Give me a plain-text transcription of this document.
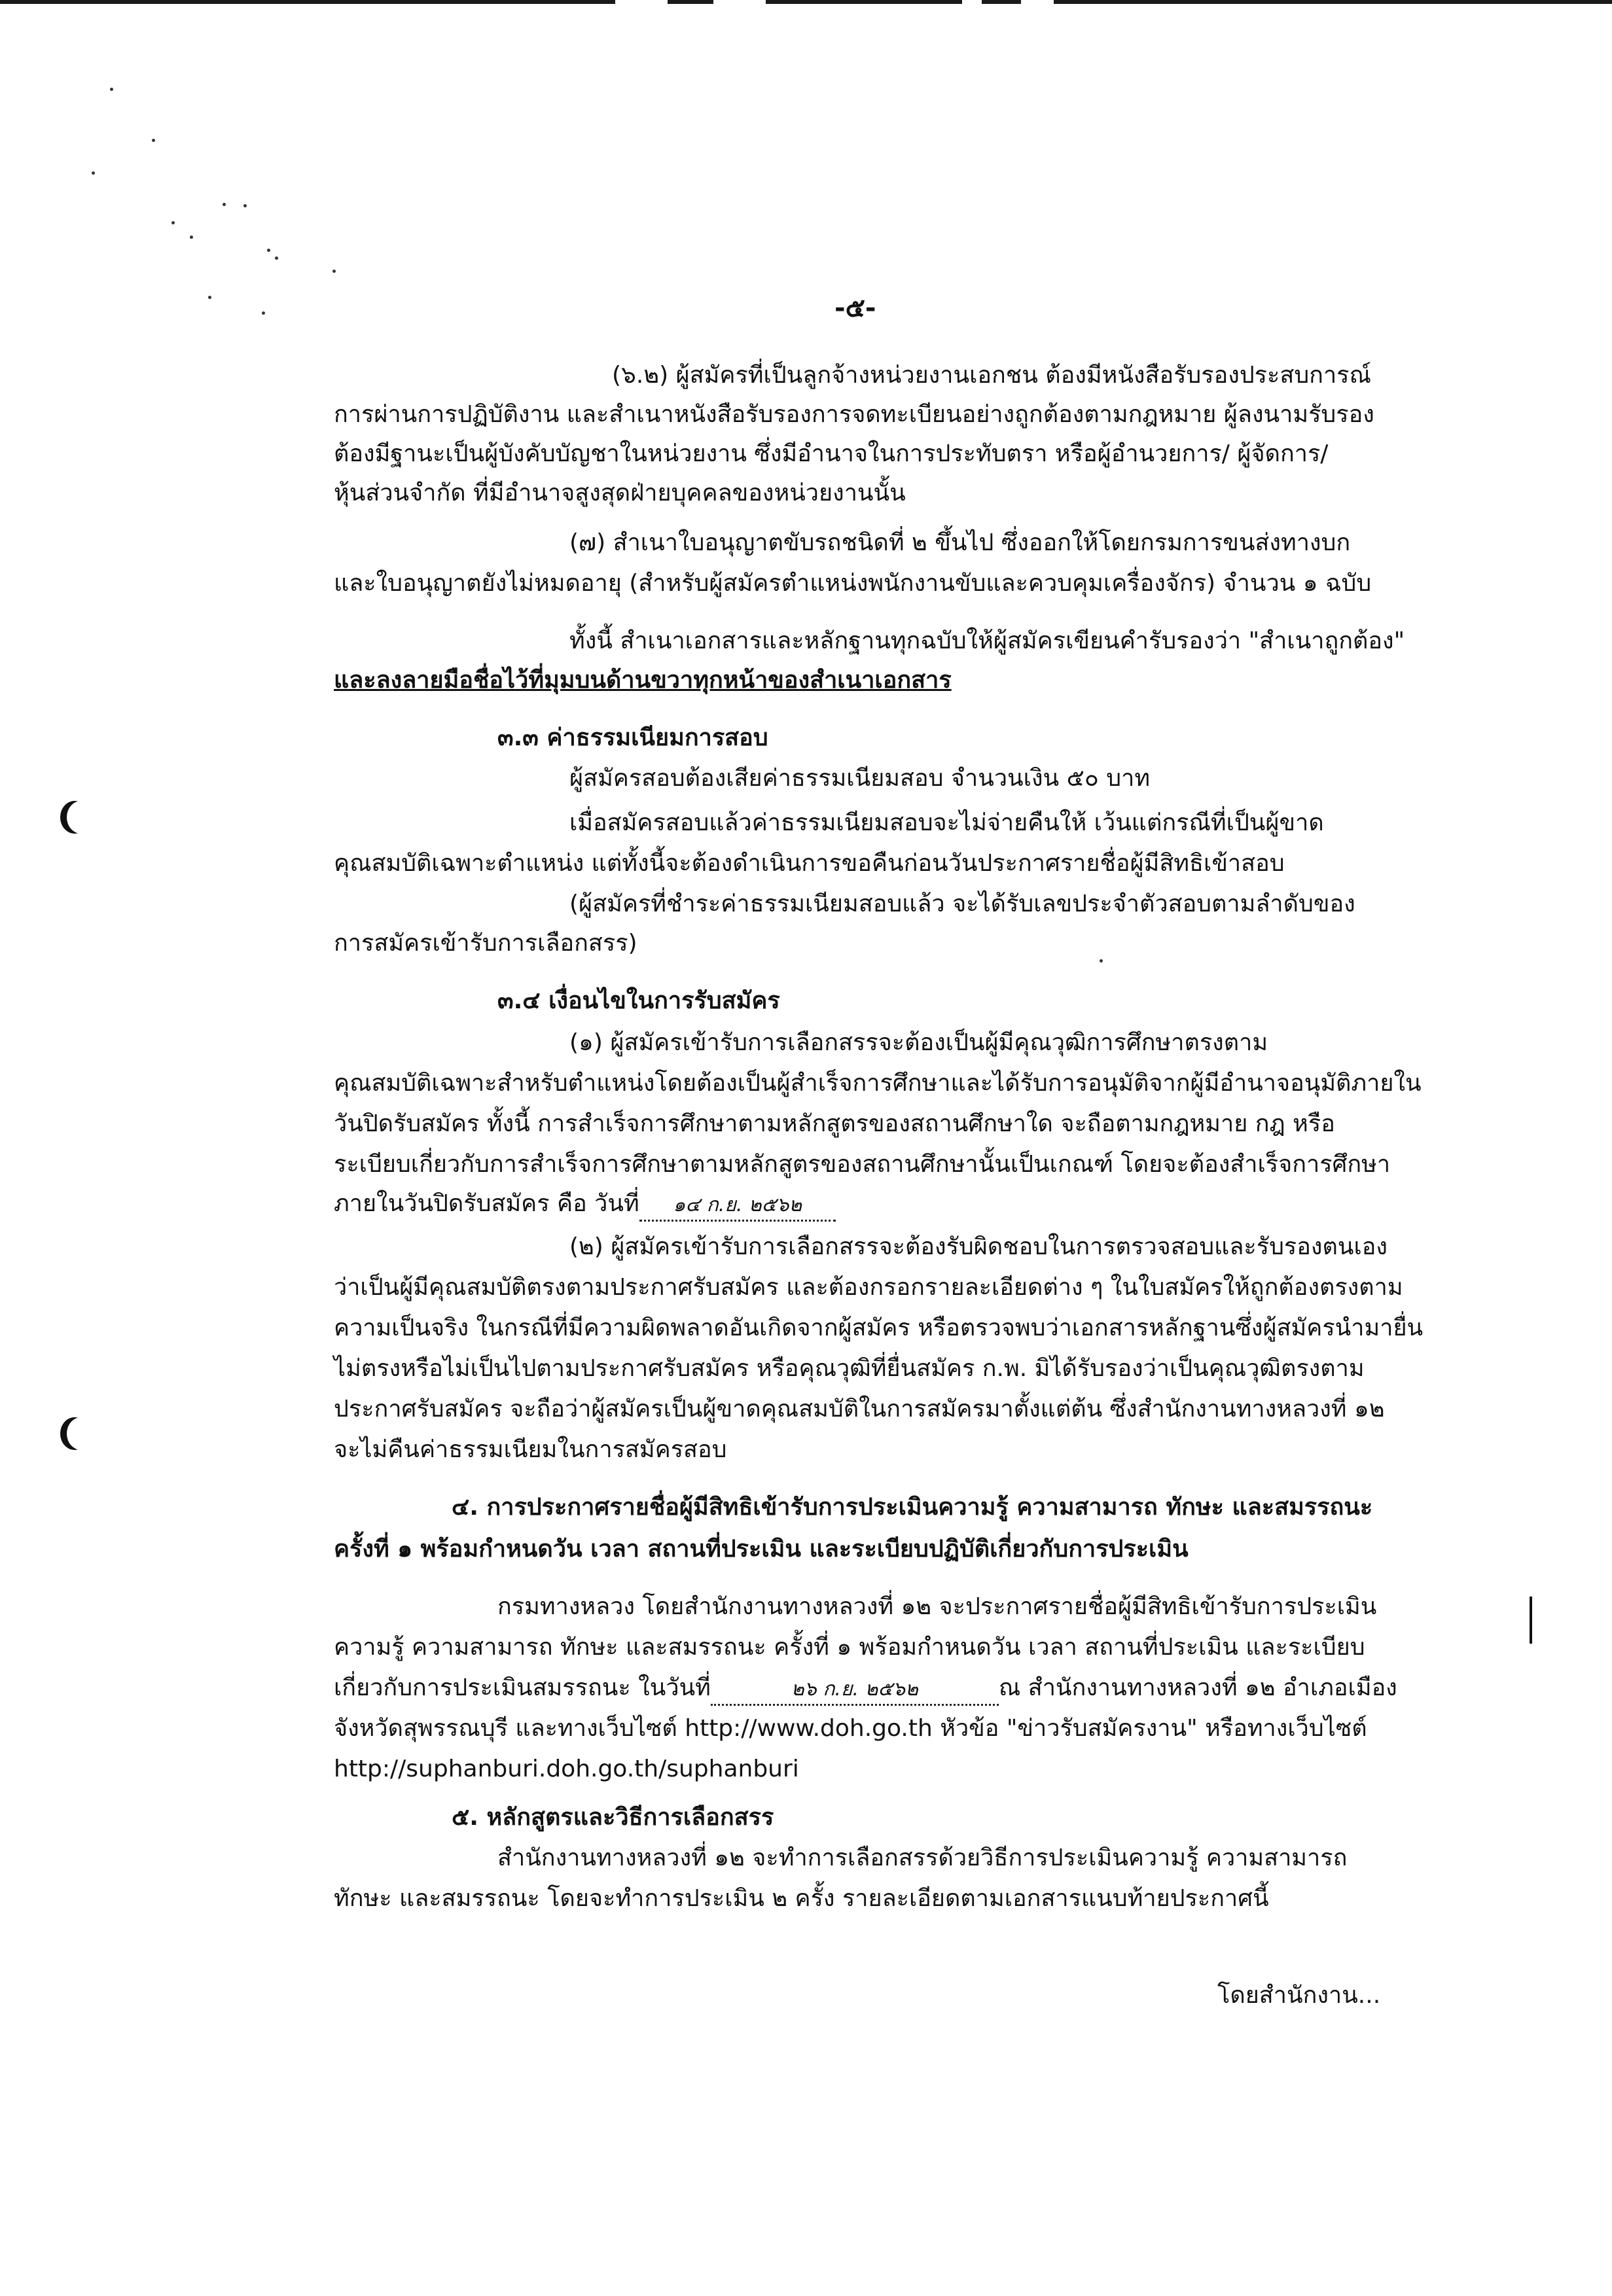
-๕-
(๖.๒) ผู้สมัครที่เป็นลูกจ้างหน่วยงานเอกชน ต้องมีหนังสือรับรองประสบการณ์
การผ่านการปฏิบัติงาน และสำเนาหนังสือรับรองการจดทะเบียนอย่างถูกต้องตามกฎหมาย ผู้ลงนามรับรอง
ต้องมีฐานะเป็นผู้บังคับบัญชาในหน่วยงาน ซึ่งมีอำนาจในการประทับตรา หรือผู้อำนวยการ/ ผู้จัดการ/
หุ้นส่วนจำกัด ที่มีอำนาจสูงสุดฝ่ายบุคคลของหน่วยงานนั้น
(๗) สำเนาใบอนุญาตขับรถชนิดที่ ๒ ขึ้นไป ซึ่งออกให้โดยกรมการขนส่งทางบก
และใบอนุญาตยังไม่หมดอายุ (สำหรับผู้สมัครตำแหน่งพนักงานขับและควบคุมเครื่องจักร) จำนวน ๑ ฉบับ
ทั้งนี้ สำเนาเอกสารและหลักฐานทุกฉบับให้ผู้สมัครเขียนคำรับรองว่า "สำเนาถูกต้อง"
และลงลายมือชื่อไว้ที่มุมบนด้านขวาทุกหน้าของสำเนาเอกสาร
๓.๓ ค่าธรรมเนียมการสอบ
ผู้สมัครสอบต้องเสียค่าธรรมเนียมสอบ จำนวนเงิน ๕๐ บาท
เมื่อสมัครสอบแล้วค่าธรรมเนียมสอบจะไม่จ่ายคืนให้ เว้นแต่กรณีที่เป็นผู้ขาด
คุณสมบัติเฉพาะตำแหน่ง แต่ทั้งนี้จะต้องดำเนินการขอคืนก่อนวันประกาศรายชื่อผู้มีสิทธิเข้าสอบ
(ผู้สมัครที่ชำระค่าธรรมเนียมสอบแล้ว จะได้รับเลขประจำตัวสอบตามลำดับของ
การสมัครเข้ารับการเลือกสรร)
๓.๔ เงื่อนไขในการรับสมัคร
(๑) ผู้สมัครเข้ารับการเลือกสรรจะต้องเป็นผู้มีคุณวุฒิการศึกษาตรงตาม
คุณสมบัติเฉพาะสำหรับตำแหน่งโดยต้องเป็นผู้สำเร็จการศึกษาและได้รับการอนุมัติจากผู้มีอำนาจอนุมัติภายใน
วันปิดรับสมัคร ทั้งนี้ การสำเร็จการศึกษาตามหลักสูตรของสถานศึกษาใด จะถือตามกฎหมาย กฎ หรือ
ระเบียบเกี่ยวกับการสำเร็จการศึกษาตามหลักสูตรของสถานศึกษานั้นเป็นเกณฑ์ โดยจะต้องสำเร็จการศึกษา
(๒) ผู้สมัครเข้ารับการเลือกสรรจะต้องรับผิดชอบในการตรวจสอบและรับรองตนเอง
ว่าเป็นผู้มีคุณสมบัติตรงตามประกาศรับสมัคร และต้องกรอกรายละเอียดต่าง ๆ ในใบสมัครให้ถูกต้องตรงตาม
ความเป็นจริง ในกรณีที่มีความผิดพลาดอันเกิดจากผู้สมัคร หรือตรวจพบว่าเอกสารหลักฐานซึ่งผู้สมัครนำมายื่น
ไม่ตรงหรือไม่เป็นไปตามประกาศรับสมัคร หรือคุณวุฒิที่ยื่นสมัคร ก.พ. มิได้รับรองว่าเป็นคุณวุฒิตรงตาม
ประกาศรับสมัคร จะถือว่าผู้สมัครเป็นผู้ขาดคุณสมบัติในการสมัครมาตั้งแต่ต้น ซึ่งสำนักงานทางหลวงที่ ๑๒
จะไม่คืนค่าธรรมเนียมในการสมัครสอบ
๔. การประกาศรายชื่อผู้มีสิทธิเข้ารับการประเมินความรู้ ความสามารถ ทักษะ และสมรรถนะ
ครั้งที่ ๑ พร้อมกำหนดวัน เวลา สถานที่ประเมิน และระเบียบปฏิบัติเกี่ยวกับการประเมิน
กรมทางหลวง โดยสำนักงานทางหลวงที่ ๑๒ จะประกาศรายชื่อผู้มีสิทธิเข้ารับการประเมิน
ความรู้ ความสามารถ ทักษะ และสมรรถนะ ครั้งที่ ๑ พร้อมกำหนดวัน เวลา สถานที่ประเมิน และระเบียบ
จังหวัดสุพรรณบุรี และทางเว็บไซต์ http://www.doh.go.th หัวข้อ "ข่าวรับสมัครงาน" หรือทางเว็บไซต์
http://suphanburi.doh.go.th/suphanburi
๕. หลักสูตรและวิธีการเลือกสรร
สำนักงานทางหลวงที่ ๑๒ จะทำการเลือกสรรด้วยวิธีการประเมินความรู้ ความสามารถ
ทักษะ และสมรรถนะ โดยจะทำการประเมิน ๒ ครั้ง รายละเอียดตามเอกสารแนบท้ายประกาศนี้
โดยสำนักงาน...
ภายในวันปิดรับสมัคร คือ วันที่ ๑๔ ก.ย. ๒๕๖๒
เกี่ยวกับการประเมินสมรรถนะ ในวันที่	๒๖ ก.ย. ๒๕๖๒	ณ สำนักงานทางหลวงที่ ๑๒ อำเภอเมือง
